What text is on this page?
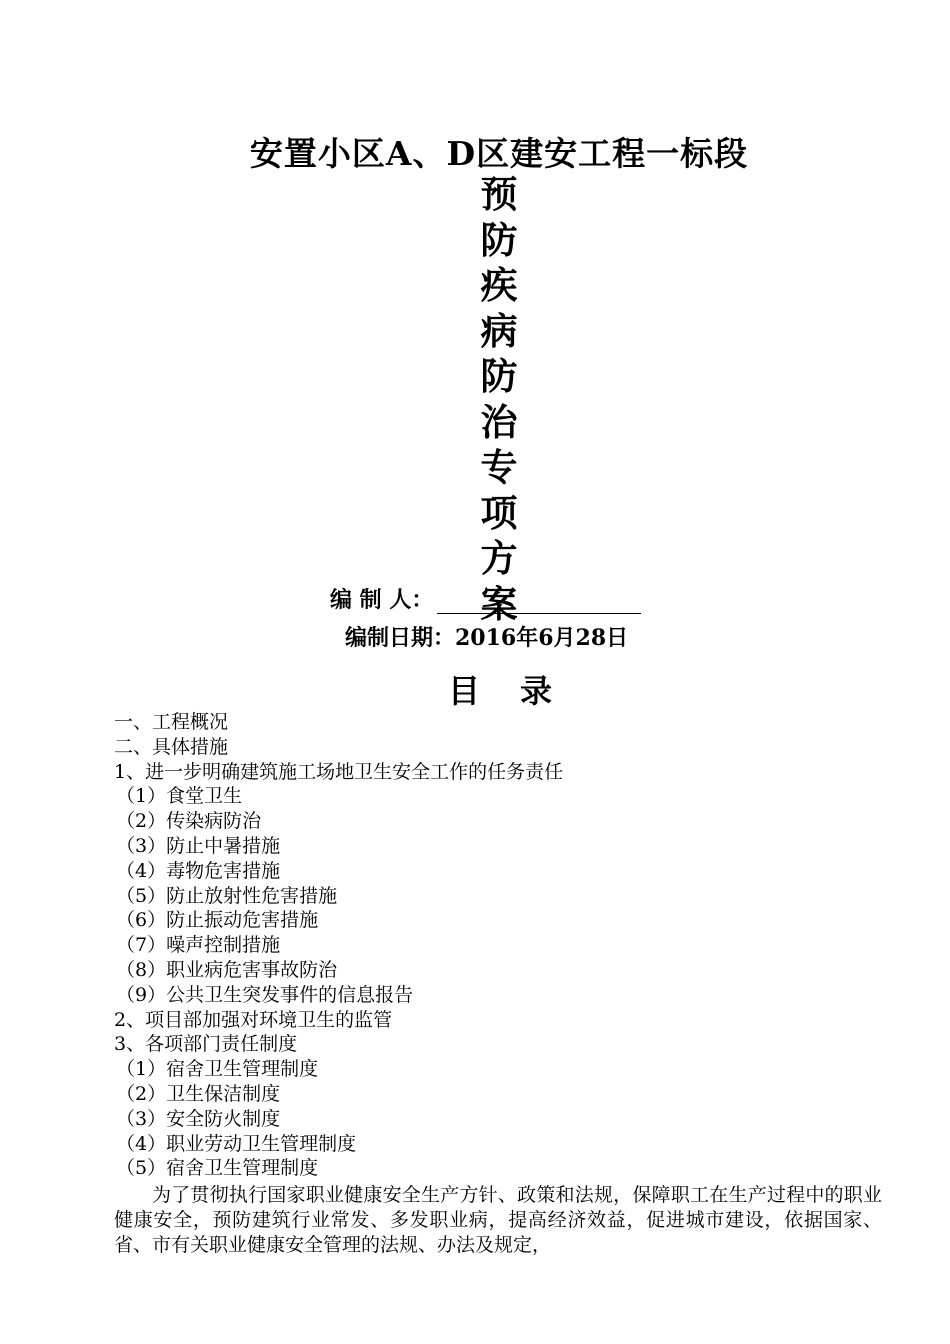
安置小区A、D区建安工程一标段
预
防
疾
病
防
治
专
项
方
案
编 制 人：
编制日期：2016年6月28日
目录
一、工程概况
二、具体措施
1、进一步明确建筑施工场地卫生安全工作的任务责任
（1）食堂卫生
（2）传染病防治
（3）防止中暑措施
（4）毒物危害措施
（5）防止放射性危害措施
（6）防止振动危害措施
（7）噪声控制措施
（8）职业病危害事故防治
（9）公共卫生突发事件的信息报告
2、项目部加强对环境卫生的监管
3、各项部门责任制度
（1）宿舍卫生管理制度
（2）卫生保洁制度
（3）安全防火制度
（4）职业劳动卫生管理制度
（5）宿舍卫生管理制度
为了贯彻执行国家职业健康安全生产方针、政策和法规，保障职工在生产过程中的职业健康安全，预防建筑行业常发、多发职业病，提高经济效益，促进城市建设，依据国家、省、市有关职业健康安全管理的法规、办法及规定，
